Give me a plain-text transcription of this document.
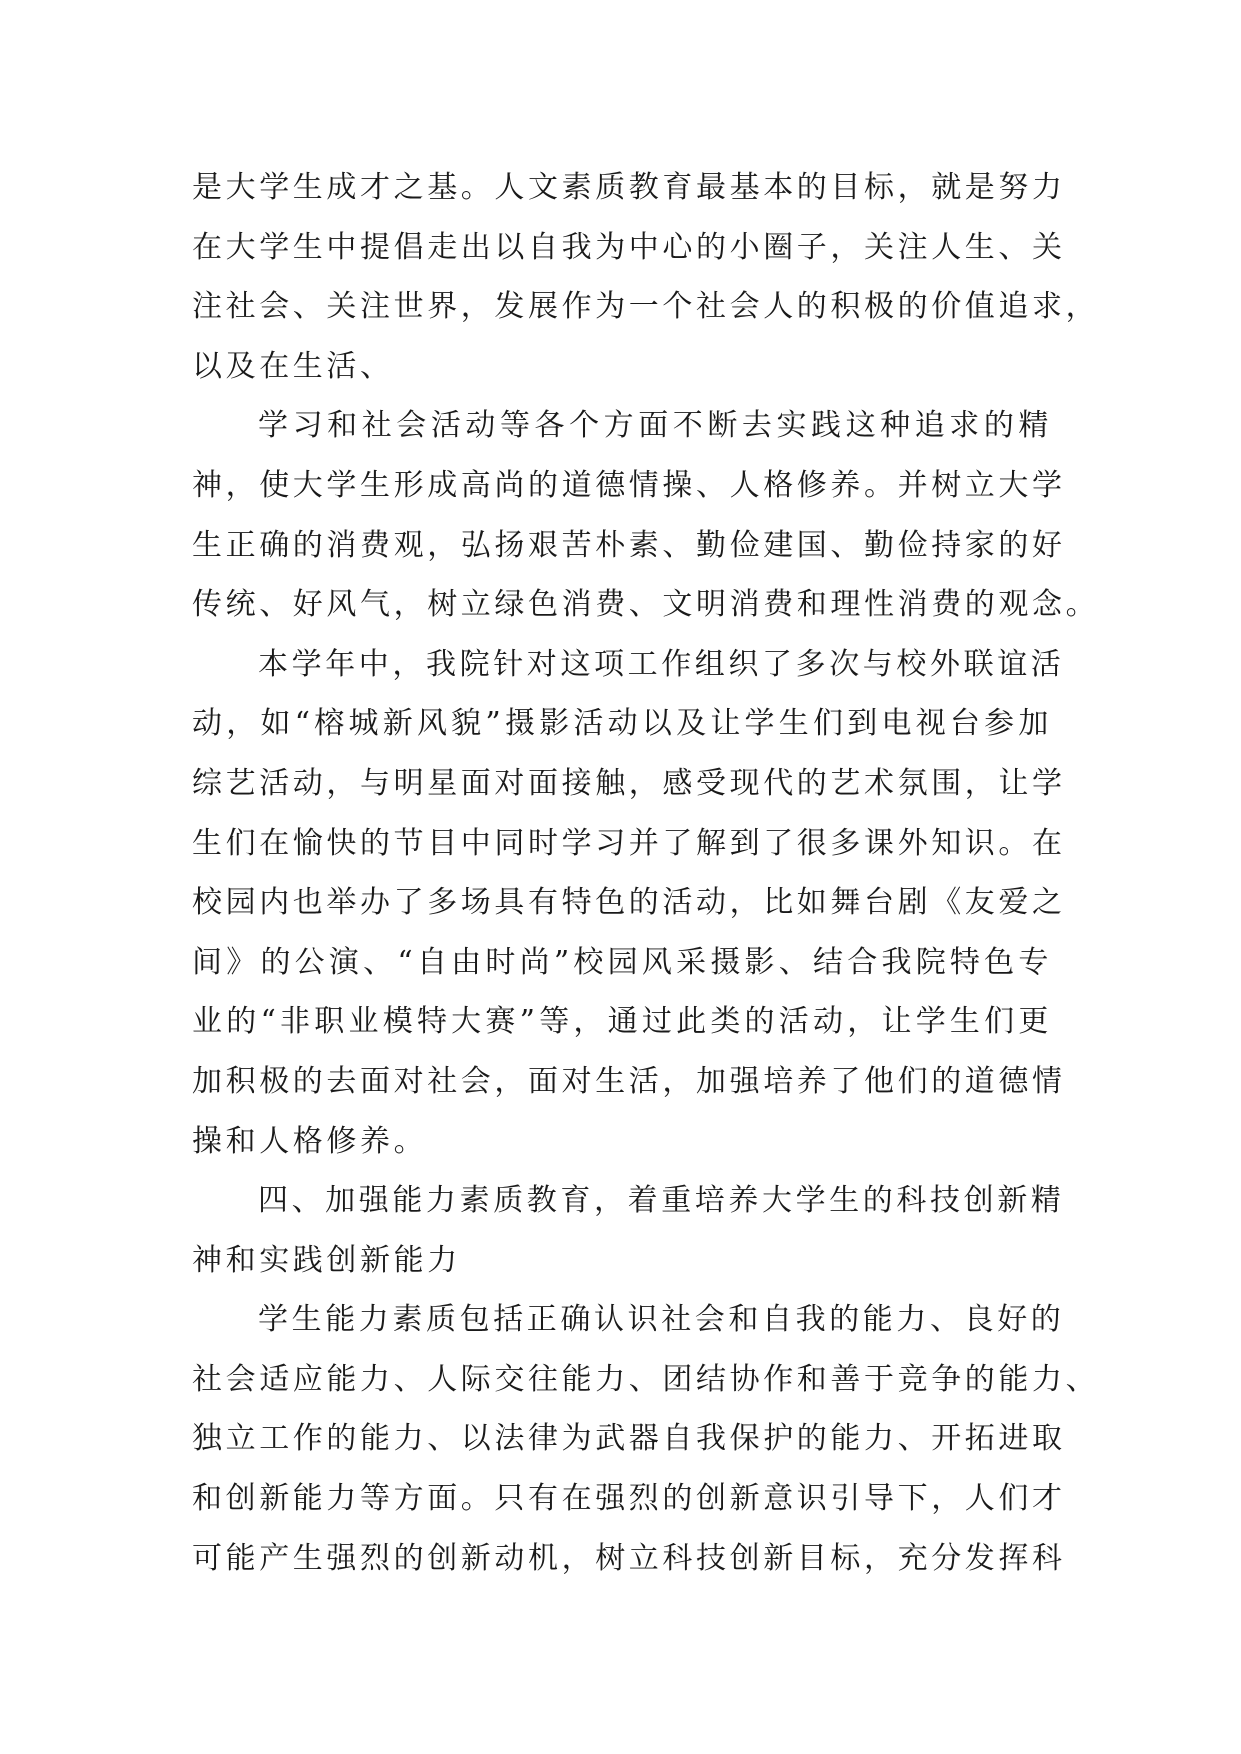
是大学生成才之基。人文素质教育最基本的目标，就是努力
在大学生中提倡走出以自我为中心的小圈子，关注人生、关
注社会、关注世界，发展作为一个社会人的积极的价值追求，
以及在生活、
学习和社会活动等各个方面不断去实践这种追求的精
神，使大学生形成高尚的道德情操、人格修养。并树立大学
生正确的消费观，弘扬艰苦朴素、勤俭建国、勤俭持家的好
传统、好风气，树立绿色消费、文明消费和理性消费的观念。
本学年中，我院针对这项工作组织了多次与校外联谊活
动，如“榕城新风貌”摄影活动以及让学生们到电视台参加
综艺活动，与明星面对面接触，感受现代的艺术氛围，让学
生们在愉快的节目中同时学习并了解到了很多课外知识。在
校园内也举办了多场具有特色的活动，比如舞台剧《友爱之
间》的公演、“自由时尚”校园风采摄影、结合我院特色专
业的“非职业模特大赛”等，通过此类的活动，让学生们更
加积极的去面对社会，面对生活，加强培养了他们的道德情
操和人格修养。
四、加强能力素质教育，着重培养大学生的科技创新精
神和实践创新能力
学生能力素质包括正确认识社会和自我的能力、良好的
社会适应能力、人际交往能力、团结协作和善于竞争的能力、
独立工作的能力、以法律为武器自我保护的能力、开拓进取
和创新能力等方面。只有在强烈的创新意识引导下，人们才
可能产生强烈的创新动机，树立科技创新目标，充分发挥科
